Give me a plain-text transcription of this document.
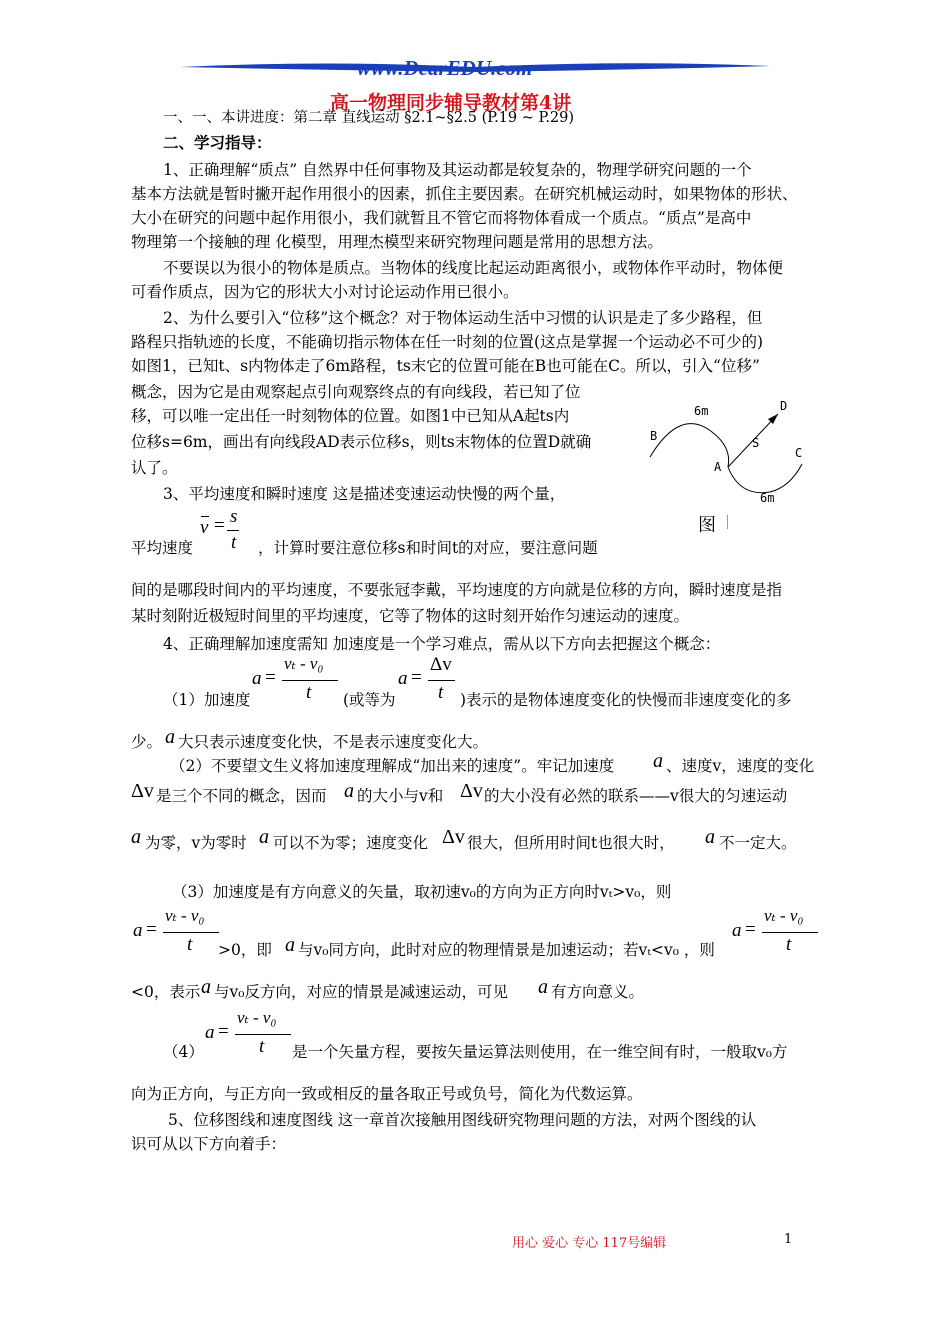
www.DearEDU.com
高一物理同步辅导教材第4讲
一、一、本讲进度：第二章 直线运动 §2.1~§2.5 (P.19 ~ P.29)
二、学习指导：
1、正确理解“质点” 自然界中任何事物及其运动都是较复杂的，物理学研究问题的一个
基本方法就是暂时撇开起作用很小的因素，抓住主要因素。在研究机械运动时，如果物体的形状、
大小在研究的问题中起作用很小，我们就暂且不管它而将物体看成一个质点。“质点”是高中
物理第一个接触的理 化模型，用理杰模型来研究物理问题是常用的思想方法。
不要误以为很小的物体是质点。当物体的线度比起运动距离很小，或物体作平动时，物体便
可看作质点，因为它的形状大小对讨论运动作用已很小。
2、为什么要引入“位移”这个概念？对于物体运动生活中习惯的认识是走了多少路程，但
路程只指轨迹的长度，不能确切指示物体在任一时刻的位置(这点是掌握一个运动必不可少的)
如图1，已知t、s内物体走了6m路程，ts末它的位置可能在B也可能在C。所以，引入“位移”
概念，因为它是由观察起点引向观察终点的有向线段，若已知了位
移，可以唯一定出任一时刻物体的位置。如图1中已知从A起ts内
位移s=6m，画出有向线段AD表示位移s，则ts末物体的位置D就确
认了。
B
6m	D
S
C
A
6m
图
3、平均速度和瞬时速度 这是描述变速运动快慢的两个量，
v = s
t
平均速度	，计算时要注意位移s和时间t的对应，要注意问题
间的是哪段时间内的平均速度，不要张冠李戴，平均速度的方向就是位移的方向，瞬时速度是指
某时刻附近极短时间里的平均速度，它等了物体的这时刻开始作匀速运动的速度。
4、正确理解加速度需知 加速度是一个学习难点，需从以下方向去把握这个概念：
a =
vₜ - v₀
t
a =
Δv
t
（1）加速度	(或等为	)表示的是物体速度变化的快慢而非速度变化的多
少。 a 大只表示速度变化快，不是表示速度变化大。
（2）不要望文生义将加速度理解成“加出来的速度”。牢记加速度 a 、速度v，速度的变化
Δv 是三个不同的概念，因而 a 的大小与v和 Δv 的大小没有必然的联系——v很大的匀速运动
a 为零，v为零时 a 可以不为零；速度变化 Δv 很大，但所用时间t也很大时， a 不一定大。
（3）加速度是有方向意义的矢量，取初速v₀的方向为正方向时vₜ>v₀，则
a =
vₜ - v₀
t
a =
vₜ - v₀
t
>0，即 a 与v₀同方向，此时对应的物理情景是加速运动；若vₜ<v₀ ，则
<0，表示 a 与v₀反方向，对应的情景是减速运动，可见 a 有方向意义。
a =
vₜ - v₀
t
（4）	是一个矢量方程，要按矢量运算法则使用，在一维空间有时，一般取v₀方
向为正方向，与正方向一致或相反的量各取正号或负号，简化为代数运算。
5、位移图线和速度图线 这一章首次接触用图线研究物理问题的方法，对两个图线的认
识可从以下方向着手：
用心 爱心 专心 117号编辑	1
